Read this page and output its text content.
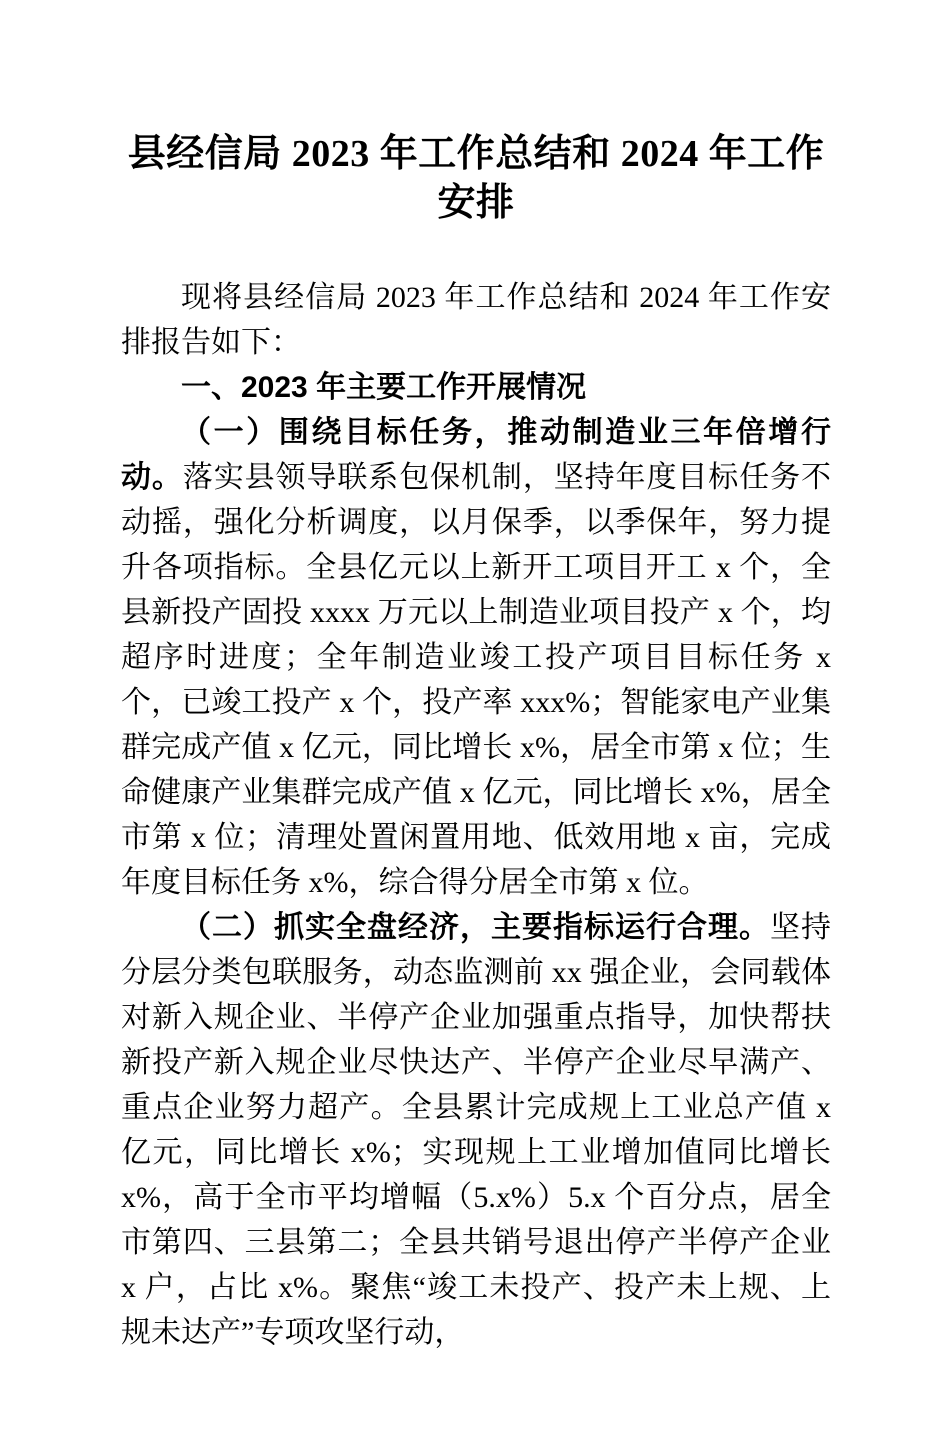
县经信局 2023 年工作总结和 2024 年工作安排

现将县经信局 2023 年工作总结和 2024 年工作安排报告如下：

一、2023 年主要工作开展情况

（一）围绕目标任务，推动制造业三年倍增行动。落实县领导联系包保机制，坚持年度目标任务不动摇，强化分析调度，以月保季，以季保年，努力提升各项指标。全县亿元以上新开工项目开工 x 个，全县新投产固投 xxxx 万元以上制造业项目投产 x 个，均超序时进度；全年制造业竣工投产项目目标任务 x 个，已竣工投产 x 个，投产率 xxx%；智能家电产业集群完成产值 x 亿元，同比增长 x%，居全市第 x 位；生命健康产业集群完成产值 x 亿元，同比增长 x%，居全市第 x 位；清理处置闲置用地、低效用地 x 亩，完成年度目标任务 x%，综合得分居全市第 x 位。

（二）抓实全盘经济，主要指标运行合理。坚持分层分类包联服务，动态监测前 xx 强企业，会同载体对新入规企业、半停产企业加强重点指导，加快帮扶新投产新入规企业尽快达产、半停产企业尽早满产、重点企业努力超产。全县累计完成规上工业总产值 x 亿元，同比增长 x%；实现规上工业增加值同比增长 x%，高于全市平均增幅（5.x%）5.x 个百分点，居全市第四、三县第二；全县共销号退出停产半停产企业 x 户，占比 x%。聚焦“竣工未投产、投产未上规、上规未达产”专项攻坚行动，
